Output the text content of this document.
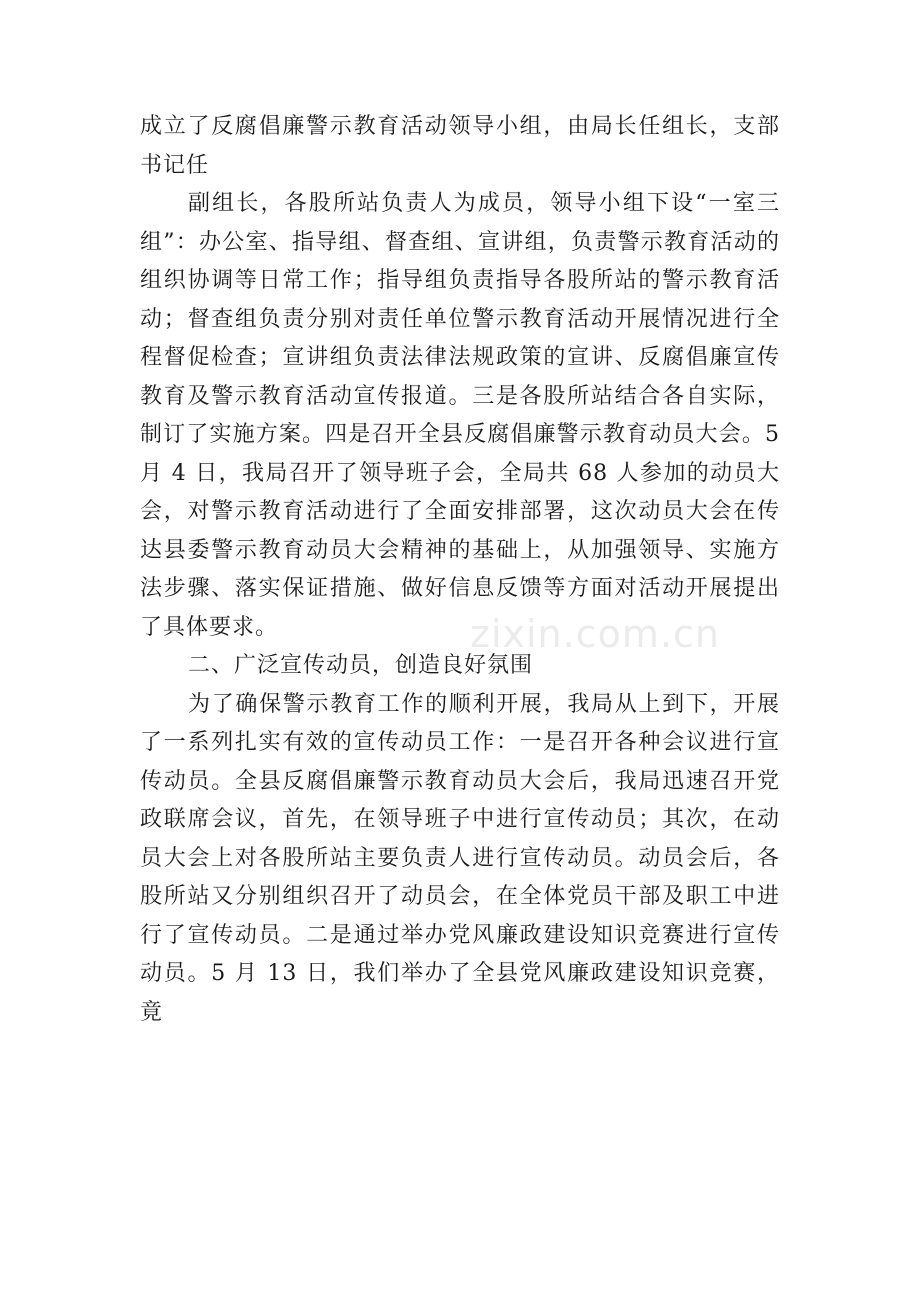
成立了反腐倡廉警示教育活动领导小组，由局长任组长，支部书记任

副组长，各股所站负责人为成员，领导小组下设“一室三组”：办公室、指导组、督查组、宣讲组，负责警示教育活动的组织协调等日常工作；指导组负责指导各股所站的警示教育活动；督查组负责分别对责任单位警示教育活动开展情况进行全程督促检查；宣讲组负责法律法规政策的宣讲、反腐倡廉宣传教育及警示教育活动宣传报道。三是各股所站结合各自实际，制订了实施方案。四是召开全县反腐倡廉警示教育动员大会。5 月 4 日，我局召开了领导班子会，全局共 68 人参加的动员大会，对警示教育活动进行了全面安排部署，这次动员大会在传达县委警示教育动员大会精神的基础上，从加强领导、实施方法步骤、落实保证措施、做好信息反馈等方面对活动开展提出了具体要求。

二、广泛宣传动员，创造良好氛围

为了确保警示教育工作的顺利开展，我局从上到下，开展了一系列扎实有效的宣传动员工作：一是召开各种会议进行宣传动员。全县反腐倡廉警示教育动员大会后，我局迅速召开党政联席会议，首先，在领导班子中进行宣传动员；其次，在动员大会上对各股所站主要负责人进行宣传动员。动员会后，各股所站又分别组织召开了动员会，在全体党员干部及职工中进行了宣传动员。二是通过举办党风廉政建设知识竞赛进行宣传动员。5 月 13 日，我们举办了全县党风廉政建设知识竞赛，竟

zixin.com.cn
